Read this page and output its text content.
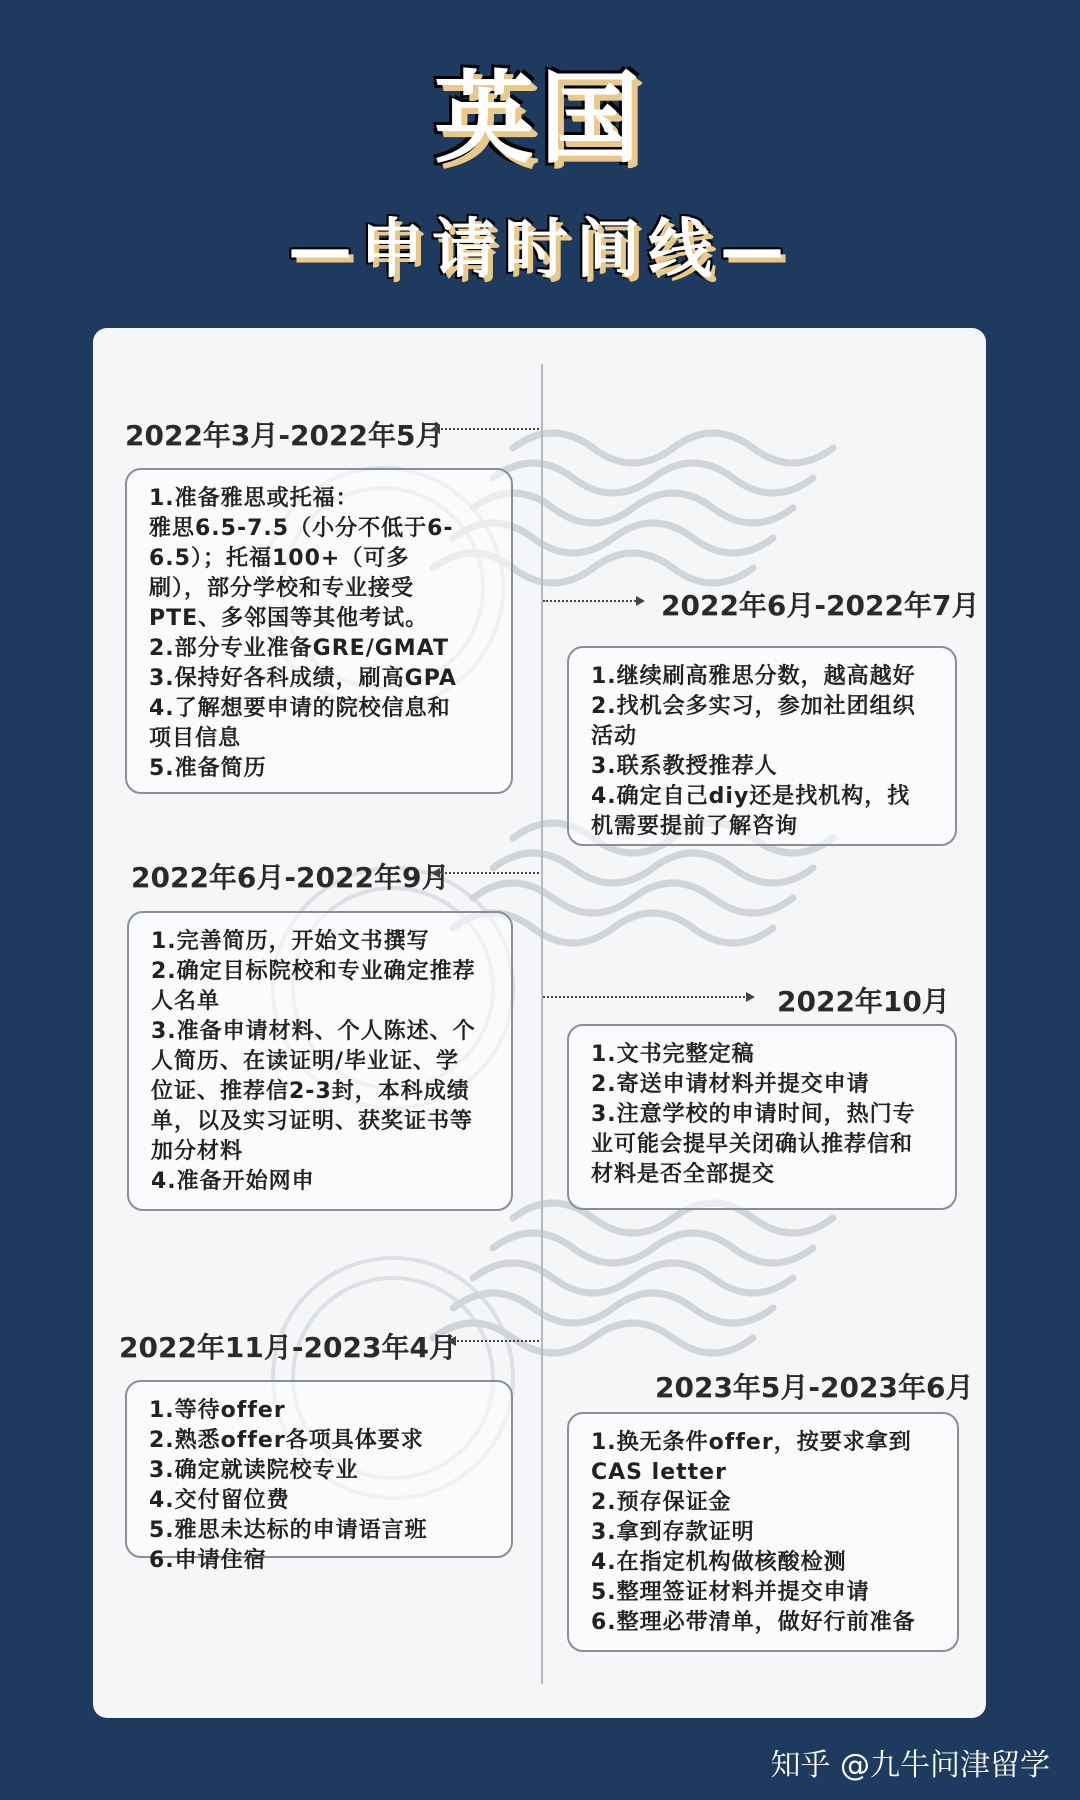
英国
—申请时间线—
2022年3月-2022年5月
1.准备雅思或托福：
雅思6.5-7.5（小分不低于6-
6.5）；托福100+（可多
刷），部分学校和专业接受
PTE、多邻国等其他考试。
2.部分专业准备GRE/GMAT
3.保持好各科成绩，刷高GPA
4.了解想要申请的院校信息和
项目信息
5.准备简历
2022年6月-2022年7月
1.继续刷高雅思分数，越高越好
2.找机会多实习，参加社团组织
活动
3.联系教授推荐人
4.确定自己diy还是找机构，找
机需要提前了解咨询
2022年6月-2022年9月
1.完善简历，开始文书撰写
2.确定目标院校和专业确定推荐
人名单
3.准备申请材料、个人陈述、个
人简历、在读证明/毕业证、学
位证、推荐信2-3封，本科成绩
单，以及实习证明、获奖证书等
加分材料
4.准备开始网申
2022年10月
1.文书完整定稿
2.寄送申请材料并提交申请
3.注意学校的申请时间，热门专
业可能会提早关闭确认推荐信和
材料是否全部提交
2022年11月-2023年4月
1.等待offer
2.熟悉offer各项具体要求
3.确定就读院校专业
4.交付留位费
5.雅思未达标的申请语言班
6.申请住宿
2023年5月-2023年6月
1.换无条件offer，按要求拿到
CAS letter
2.预存保证金
3.拿到存款证明
4.在指定机构做核酸检测
5.整理签证材料并提交申请
6.整理必带清单，做好行前准备
知乎 @九牛问津留学
